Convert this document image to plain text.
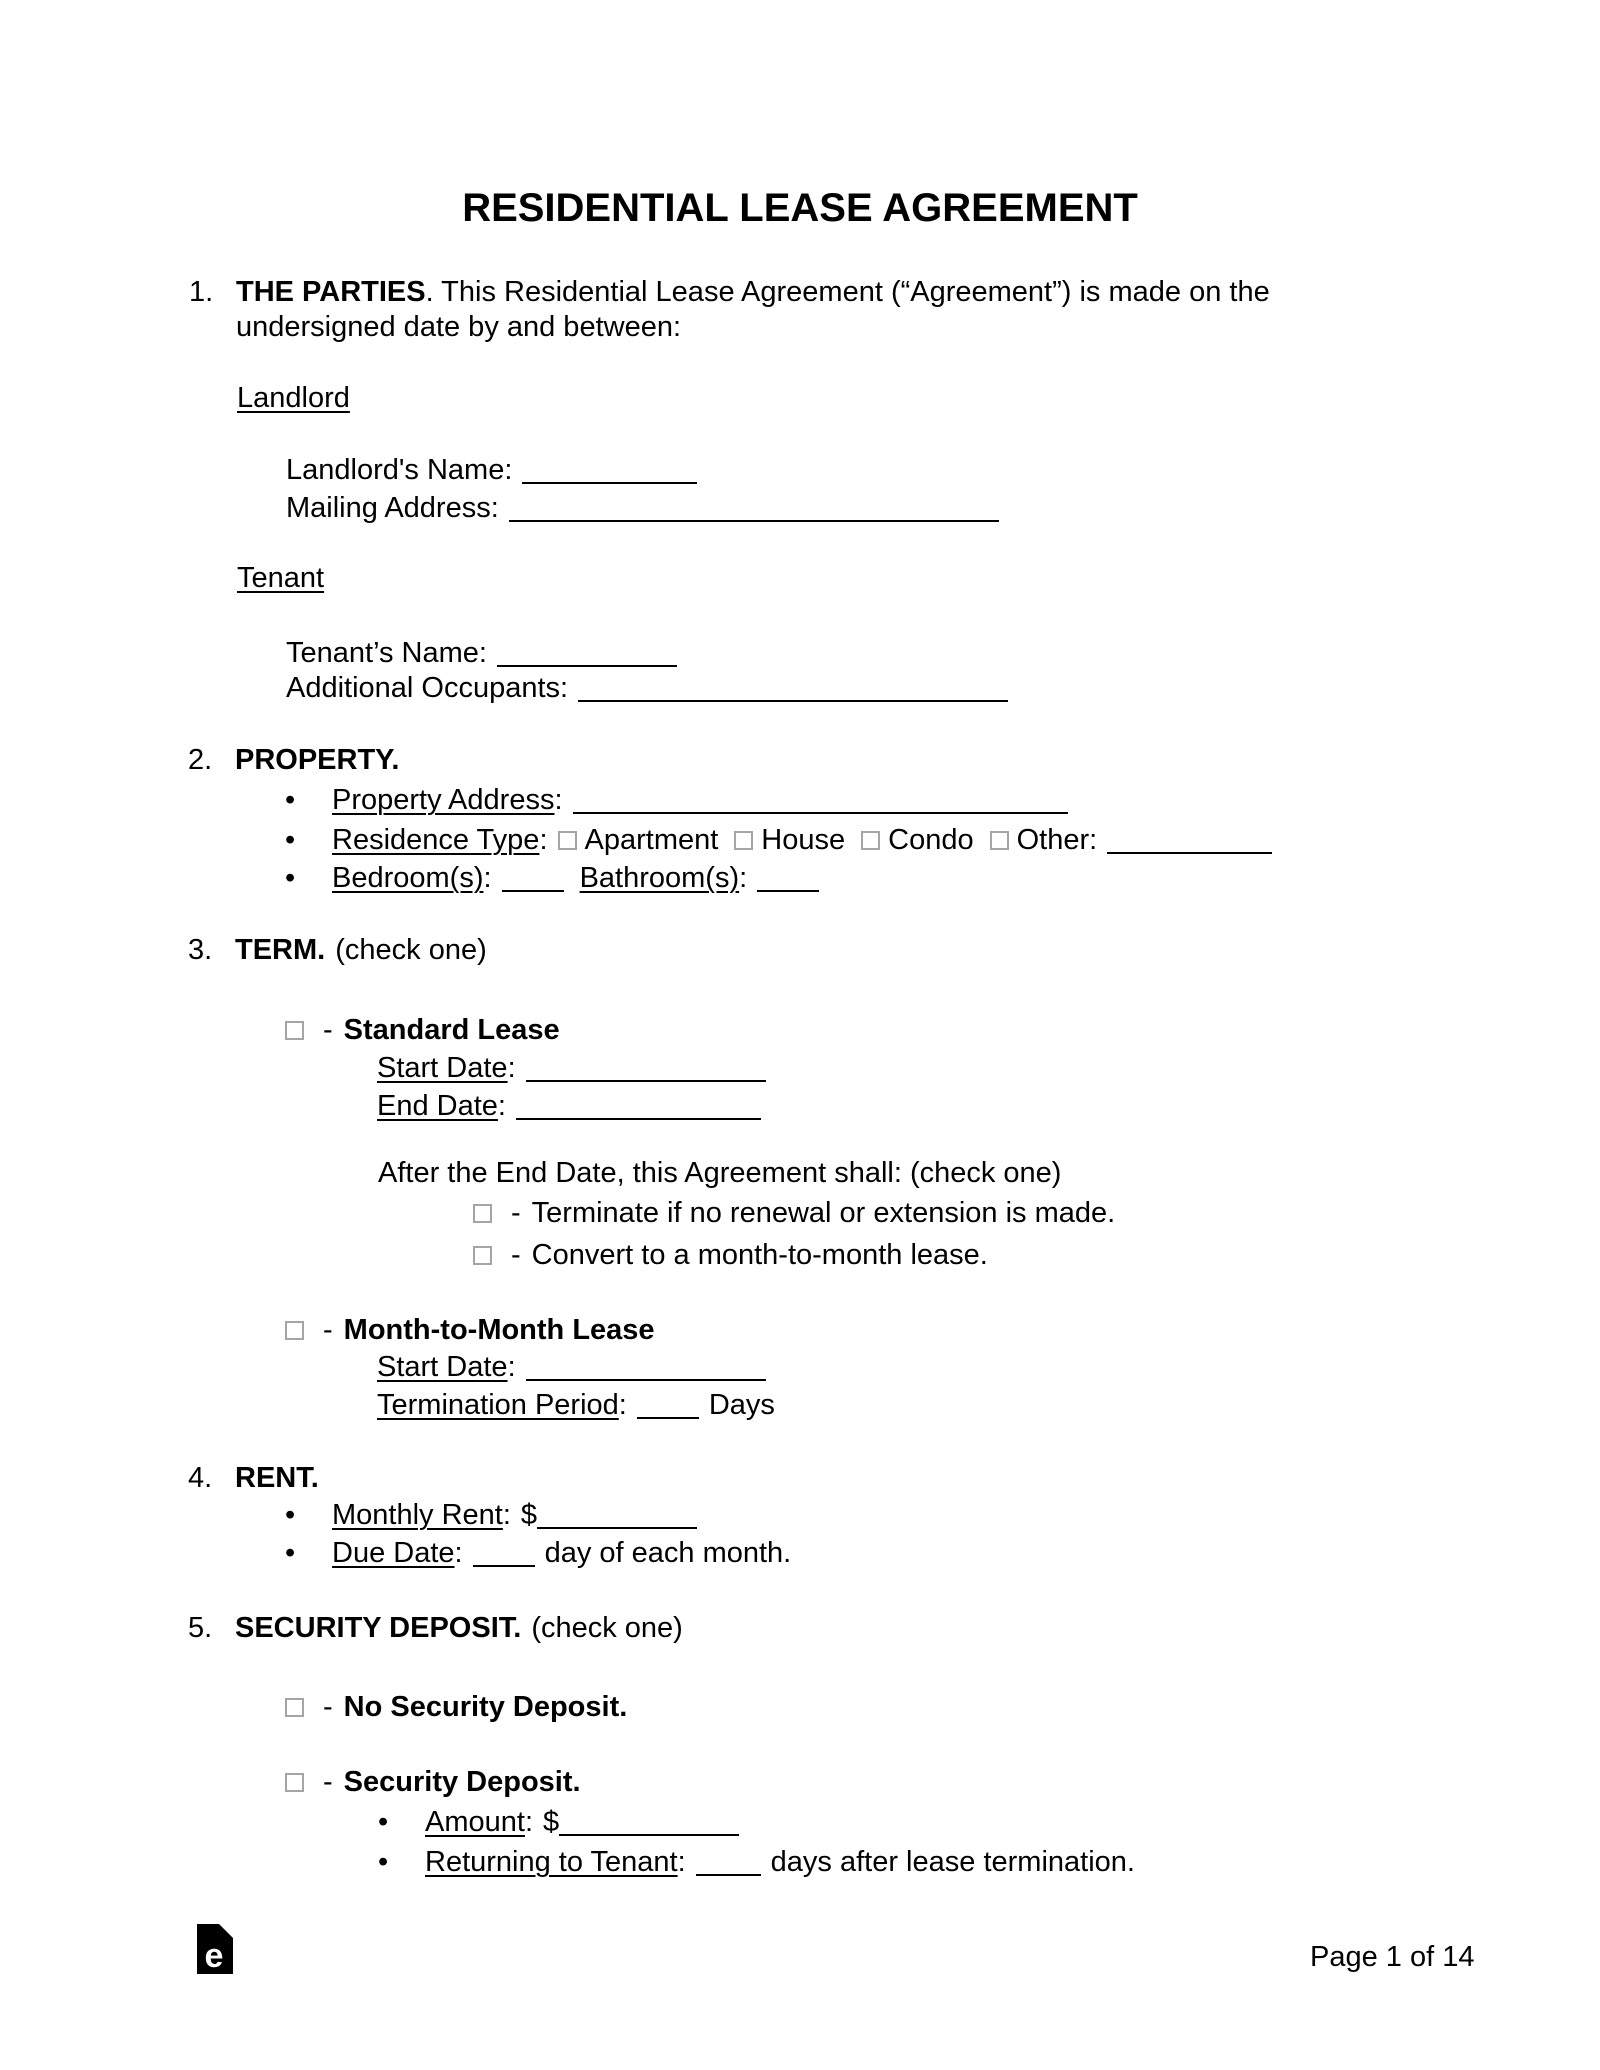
RESIDENTIAL LEASE AGREEMENT
1. THE PARTIES. This Residential Lease Agreement (“Agreement”) is made on the
undersigned date by and between:
Landlord
Landlord's Name:
Mailing Address:
Tenant
Tenant’s Name:
Additional Occupants:
2. PROPERTY.
• Property Address:
• Residence Type: Apartment House Condo Other:
• Bedroom(s):	Bathroom(s):
3. TERM. (check one)
- Standard Lease
Start Date:
End Date:
After the End Date, this Agreement shall: (check one)
- Terminate if no renewal or extension is made.
- Convert to a month-to-month lease.
- Month-to-Month Lease
Start Date:
Termination Period:	Days
4. RENT.
• Monthly Rent: $
• Due Date:	day of each month.
5. SECURITY DEPOSIT. (check one)
- No Security Deposit.
- Security Deposit.
• Amount: $
• Returning to Tenant:	days after lease termination.
e	Page 1 of 14
